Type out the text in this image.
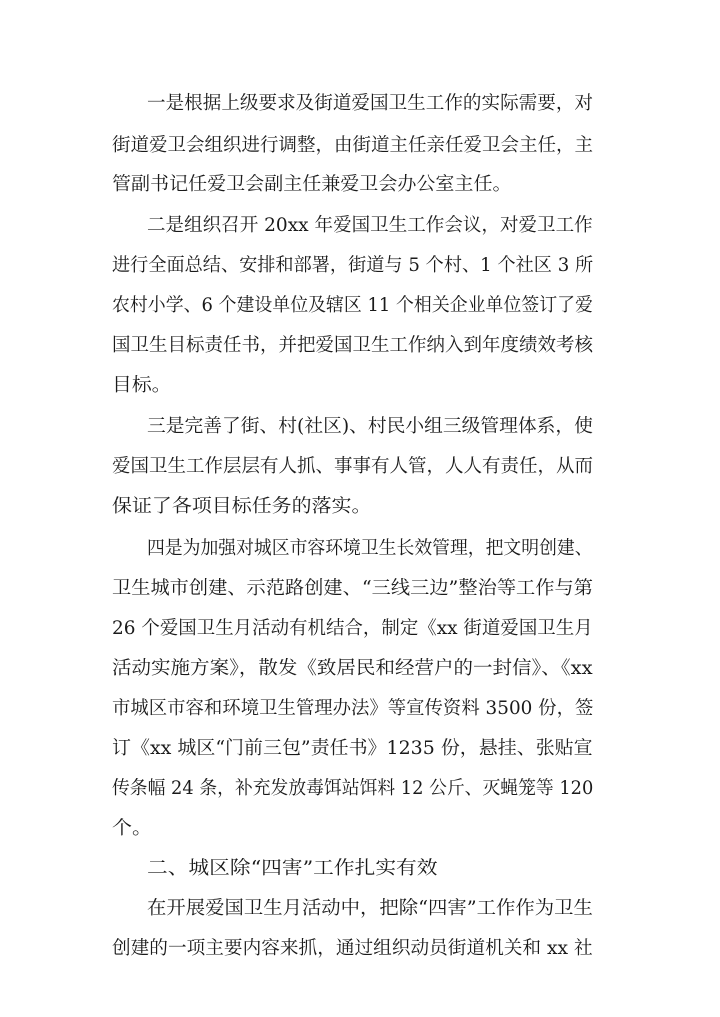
一是根据上级要求及街道爱国卫生工作的实际需要，对
街道爱卫会组织进行调整，由街道主任亲任爱卫会主任，主
管副书记任爱卫会副主任兼爱卫会办公室主任。
二是组织召开 20xx 年爱国卫生工作会议，对爱卫工作
进行全面总结、安排和部署，街道与 5 个村、1 个社区 3 所
农村小学、6 个建设单位及辖区 11 个相关企业单位签订了爱
国卫生目标责任书，并把爱国卫生工作纳入到年度绩效考核
目标。
三是完善了街、村(社区)、村民小组三级管理体系，使
爱国卫生工作层层有人抓、事事有人管，人人有责任，从而
保证了各项目标任务的落实。
四是为加强对城区市容环境卫生长效管理，把文明创建、
卫生城市创建、示范路创建、“三线三边”整治等工作与第
26 个爱国卫生月活动有机结合，制定《xx 街道爱国卫生月
活动实施方案》，散发《致居民和经营户的一封信》、《xx
市城区市容和环境卫生管理办法》等宣传资料 3500 份，签
订《xx 城区“门前三包”责任书》1235 份，悬挂、张贴宣
传条幅 24 条，补充发放毒饵站饵料 12 公斤、灭蝇笼等 120
个。
二、城区除“四害”工作扎实有效
在开展爱国卫生月活动中，把除“四害”工作作为卫生
创建的一项主要内容来抓，通过组织动员街道机关和 xx 社
